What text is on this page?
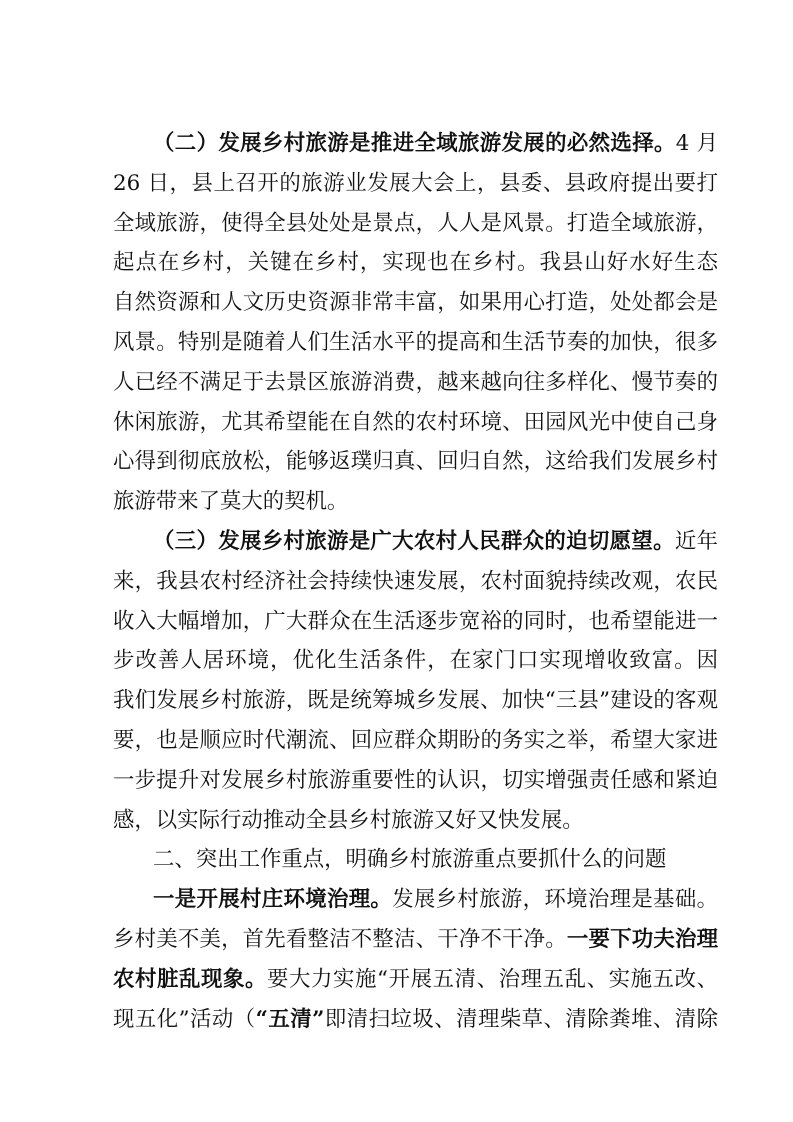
（二）发展乡村旅游是推进全域旅游发展的必然选择。4 月
26 日，县上召开的旅游业发展大会上，县委、县政府提出要打
全域旅游，使得全县处处是景点，人人是风景。打造全域旅游，
起点在乡村，关键在乡村，实现也在乡村。我县山好水好生态
自然资源和人文历史资源非常丰富，如果用心打造，处处都会是
风景。特别是随着人们生活水平的提高和生活节奏的加快，很多
人已经不满足于去景区旅游消费，越来越向往多样化、慢节奏的
休闲旅游，尤其希望能在自然的农村环境、田园风光中使自己身
心得到彻底放松，能够返璞归真、回归自然，这给我们发展乡村
旅游带来了莫大的契机。
（三）发展乡村旅游是广大农村人民群众的迫切愿望。近年
来，我县农村经济社会持续快速发展，农村面貌持续改观，农民
收入大幅增加，广大群众在生活逐步宽裕的同时，也希望能进一
步改善人居环境，优化生活条件，在家门口实现增收致富。因
我们发展乡村旅游，既是统筹城乡发展、加快“三县”建设的客观
要，也是顺应时代潮流、回应群众期盼的务实之举，希望大家进
一步提升对发展乡村旅游重要性的认识，切实增强责任感和紧迫
感，以实际行动推动全县乡村旅游又好又快发展。
二、突出工作重点，明确乡村旅游重点要抓什么的问题
一是开展村庄环境治理。发展乡村旅游，环境治理是基础。
乡村美不美，首先看整洁不整洁、干净不干净。一要下功夫治理
农村脏乱现象。要大力实施“开展五清、治理五乱、实施五改、
现五化”活动（“五清”即清扫垃圾、清理柴草、清除粪堆、清除
